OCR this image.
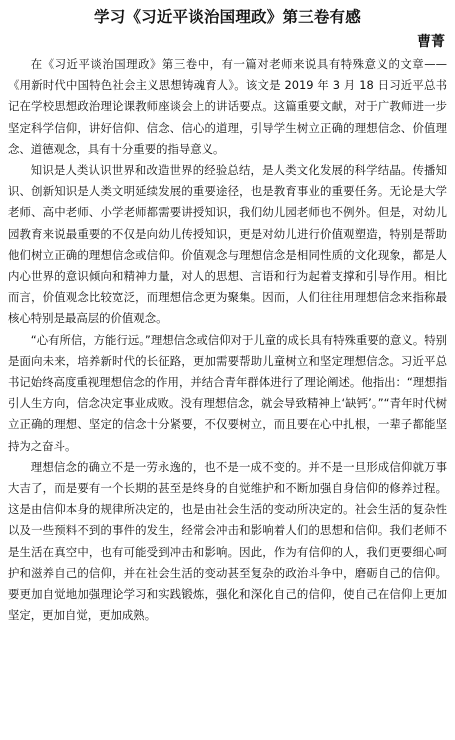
学习《习近平谈治国理政》第三卷有感
曹菁

在《习近平谈治国理政》第三卷中，有一篇对老师来说具有特殊意义的文章——《用新时代中国特色社会主义思想铸魂育人》。该文是 2019 年 3 月 18 日习近平总书记在学校思想政治理论课教师座谈会上的讲话要点。这篇重要文献，对于广教师进一步坚定科学信仰，讲好信仰、信念、信心的道理，引导学生树立正确的理想信念、价值理念、道德观念，具有十分重要的指导意义。

知识是人类认识世界和改造世界的经验总结，是人类文化发展的科学结晶。传播知识、创新知识是人类文明延续发展的重要途径，也是教育事业的重要任务。无论是大学老师、高中老师、小学老师都需要讲授知识，我们幼儿园老师也不例外。但是，对幼儿园教育来说最重要的不仅是向幼儿传授知识，更是对幼儿进行价值观塑造，特别是帮助他们树立正确的理想信念或信仰。价值观念与理想信念是相同性质的文化现象，都是人内心世界的意识倾向和精神力量，对人的思想、言语和行为起着支撑和引导作用。相比而言，价值观念比较宽泛，而理想信念更为聚集。因而，人们往往用理想信念来指称最核心特别是最高层的价值观念。

“心有所信，方能行远。”理想信念或信仰对于儿童的成长具有特殊重要的意义。特别是面向未来，培养新时代的长征路，更加需要帮助儿童树立和坚定理想信念。习近平总书记始终高度重视理想信念的作用，并结合青年群体进行了理论阐述。他指出：“理想指引人生方向，信念决定事业成败。没有理想信念，就会导致精神上‘缺钙’。”“青年时代树立正确的理想、坚定的信念十分紧要，不仅要树立，而且要在心中扎根，一辈子都能坚持为之奋斗。

理想信念的确立不是一劳永逸的，也不是一成不变的。并不是一旦形成信仰就万事大吉了，而是要有一个长期的甚至是终身的自觉维护和不断加强自身信仰的修养过程。这是由信仰本身的规律所决定的，也是由社会生活的变动所决定的。社会生活的复杂性以及一些预料不到的事件的发生，经常会冲击和影响着人们的思想和信仰。我们老师不是生活在真空中，也有可能受到冲击和影响。因此，作为有信仰的人，我们更要细心呵护和滋养自己的信仰，并在社会生活的变动甚至复杂的政治斗争中，磨砺自己的信仰。要更加自觉地加强理论学习和实践锻炼，强化和深化自己的信仰，使自己在信仰上更加坚定，更加自觉，更加成熟。
